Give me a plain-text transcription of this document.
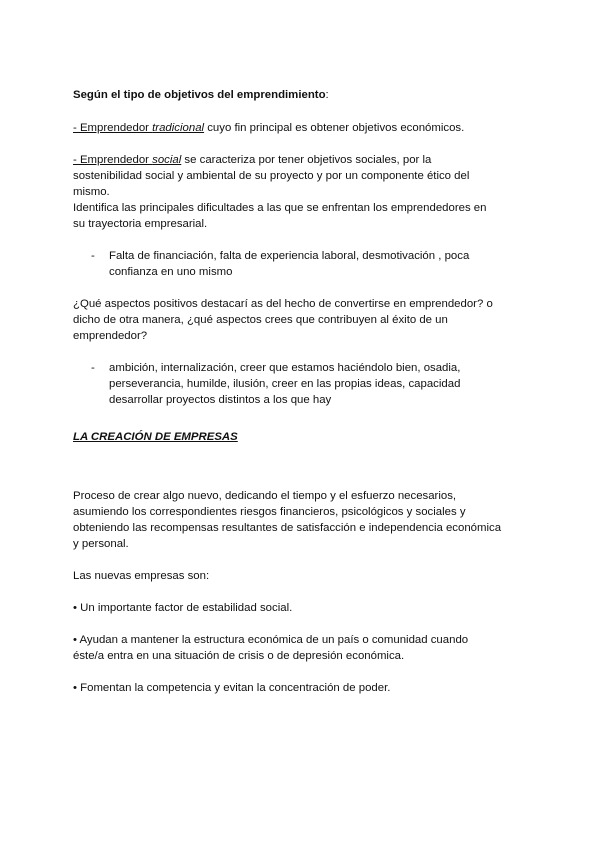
Según el tipo de objetivos del emprendimiento:
- Emprendedor tradicional cuyo fin principal es obtener objetivos económicos.
- Emprendedor social se caracteriza por tener objetivos sociales, por la
sostenibilidad social y ambiental de su proyecto y por un componente ético del
mismo.
Identifica las principales dificultades a las que se enfrentan los emprendedores en
su trayectoria empresarial.
- Falta de financiación, falta de experiencia laboral, desmotivación , poca
confianza en uno mismo
¿Qué aspectos positivos destacarí as del hecho de convertirse en emprendedor? o
dicho de otra manera, ¿qué aspectos crees que contribuyen al éxito de un
emprendedor?
- ambición, internalización, creer que estamos haciéndolo bien, osadia,
perseverancia, humilde, ilusión, creer en las propias ideas, capacidad
desarrollar proyectos distintos a los que hay
LA CREACIÓN DE EMPRESAS
Proceso de crear algo nuevo, dedicando el tiempo y el esfuerzo necesarios,
asumiendo los correspondientes riesgos financieros, psicológicos y sociales y
obteniendo las recompensas resultantes de satisfacción e independencia económica
y personal.
Las nuevas empresas son:
• Un importante factor de estabilidad social.
• Ayudan a mantener la estructura económica de un país o comunidad cuando
éste/a entra en una situación de crisis o de depresión económica.
• Fomentan la competencia y evitan la concentración de poder.
